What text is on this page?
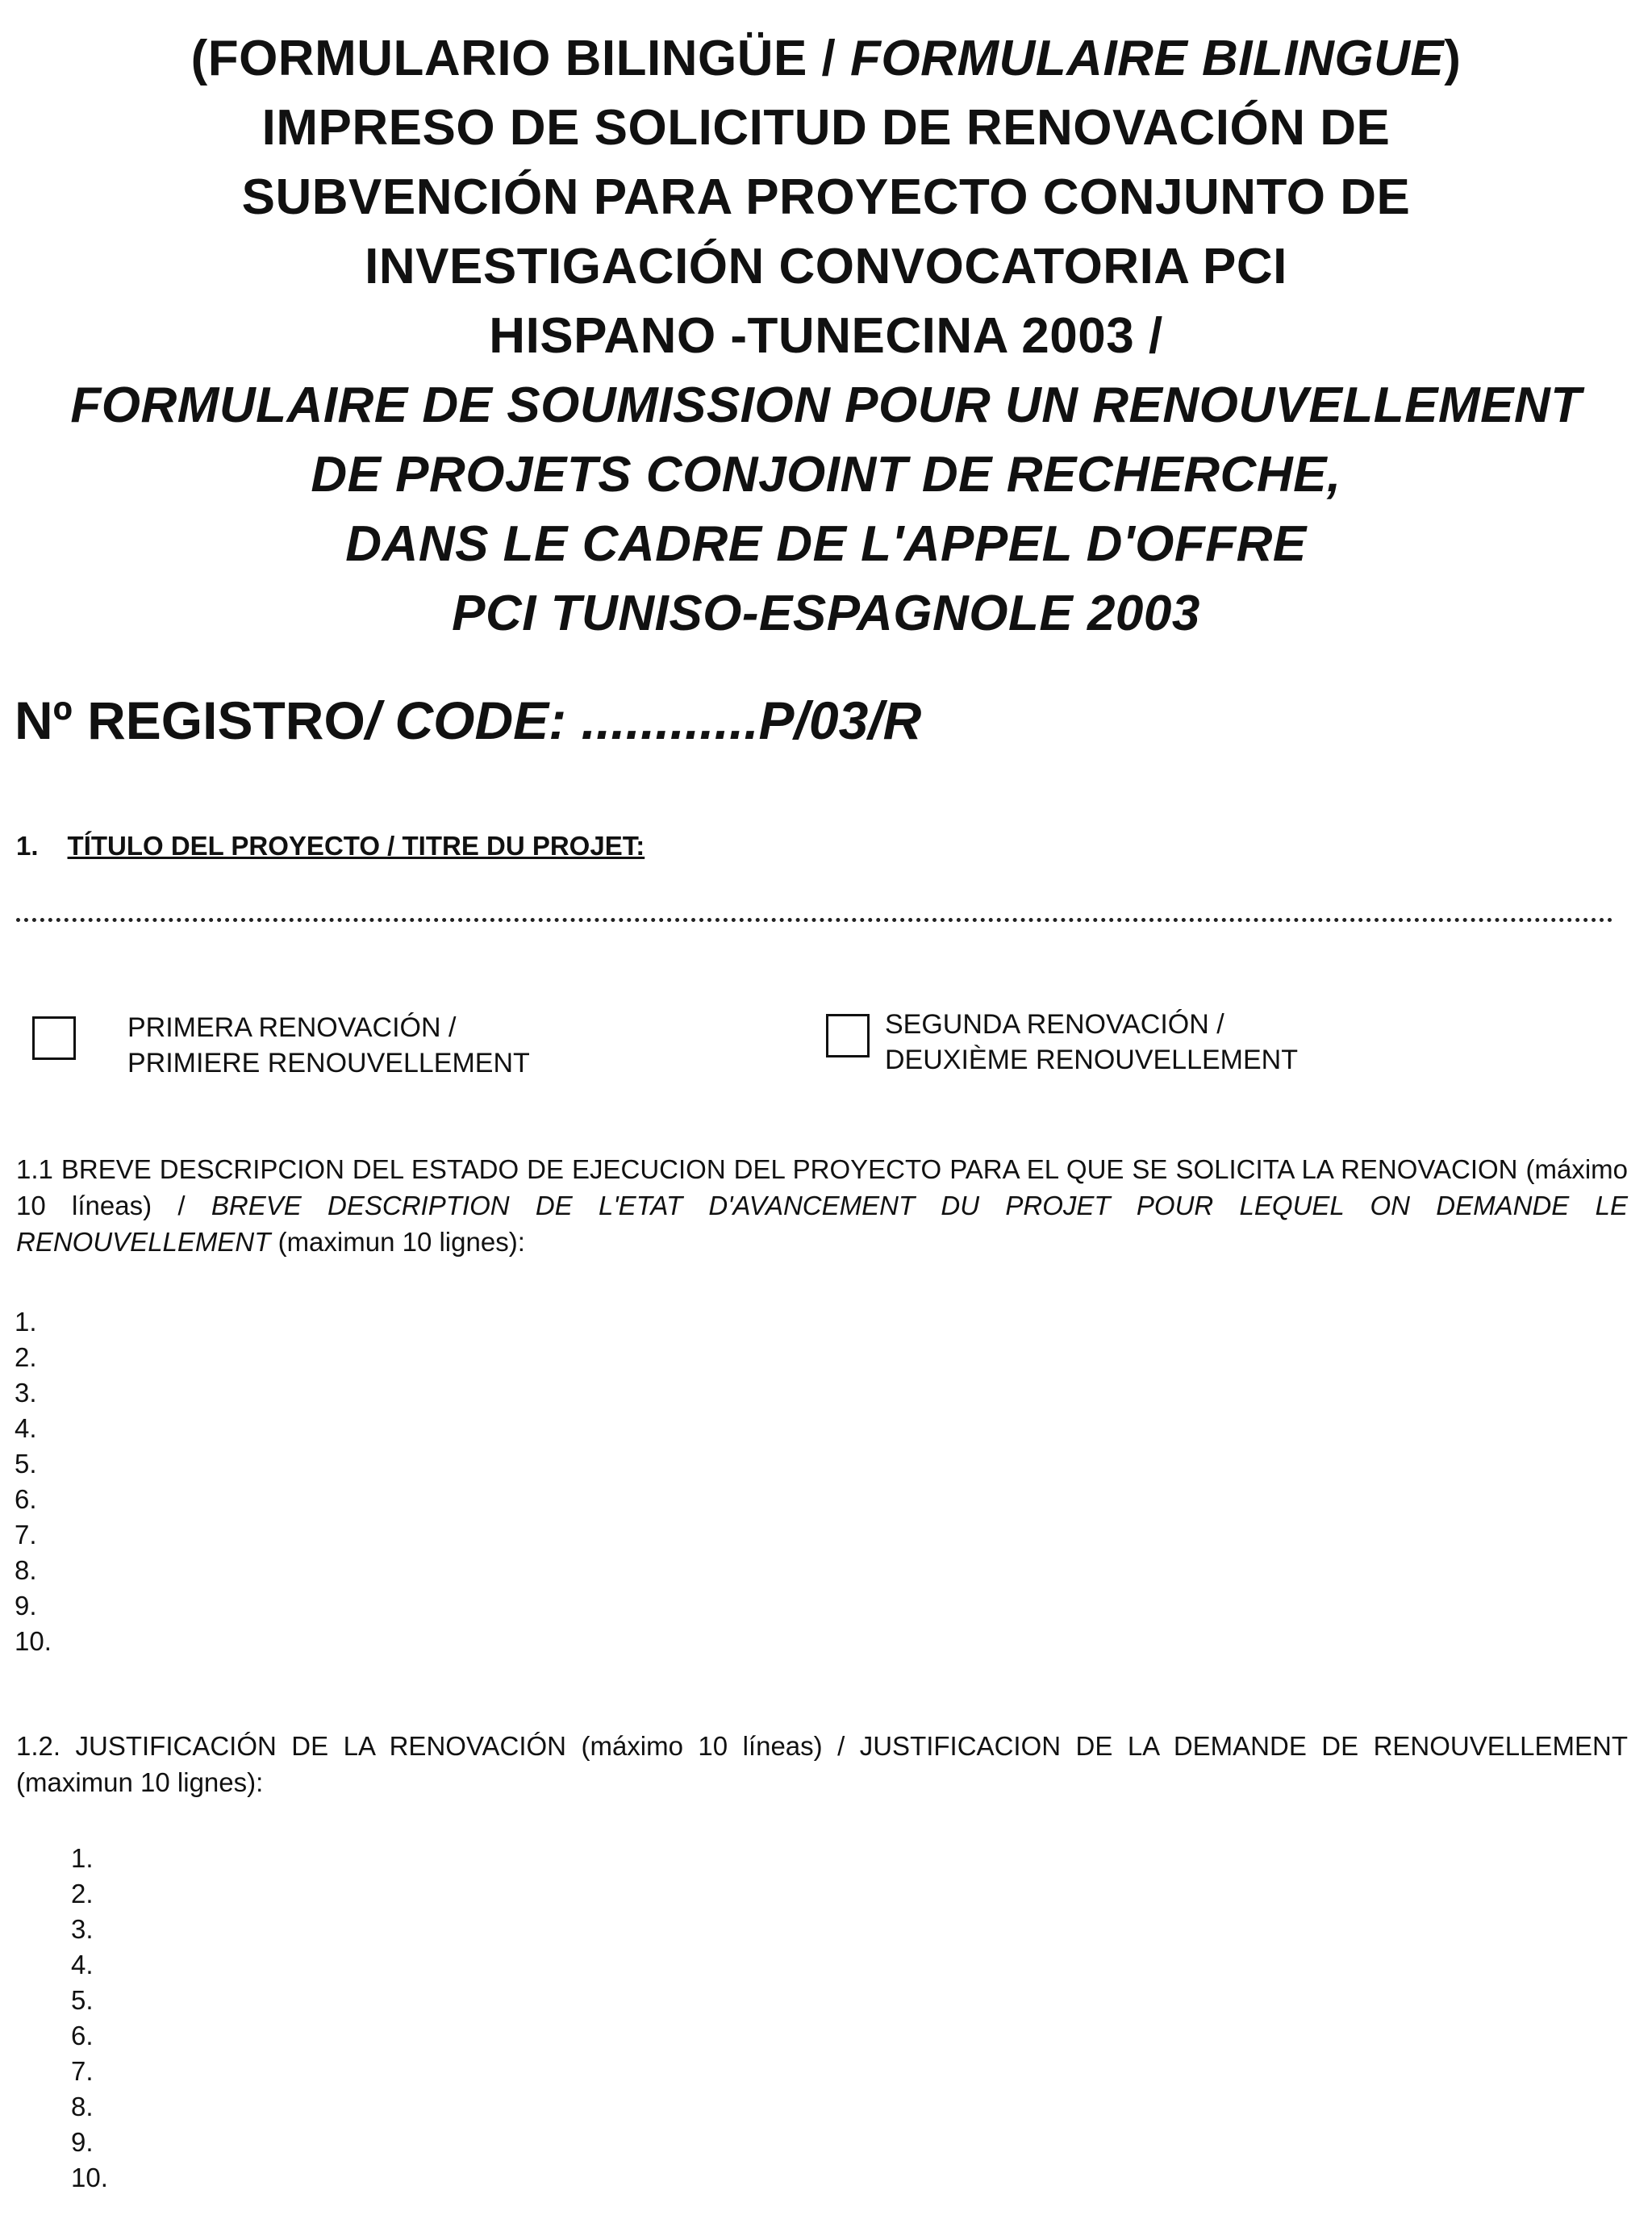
(FORMULARIO BILINGÜE / FORMULAIRE BILINGUE)
IMPRESO DE SOLICITUD DE RENOVACIÓN DE
SUBVENCIÓN PARA PROYECTO CONJUNTO DE
INVESTIGACIÓN CONVOCATORIA PCI
HISPANO -TUNECINA 2003 /
FORMULAIRE DE SOUMISSION POUR UN RENOUVELLEMENT
DE PROJETS CONJOINT DE RECHERCHE,
DANS LE CADRE DE L'APPEL D'OFFRE
PCI TUNISO-ESPAGNOLE 2003
Nº REGISTRO/ CODE: ............P/03/R
1. TÍTULO DEL PROYECTO / TITRE DU PROJET:
PRIMERA RENOVACIÓN /
PRIMIERE RENOUVELLEMENT
SEGUNDA RENOVACIÓN /
DEUXIÈME RENOUVELLEMENT
1.1 BREVE DESCRIPCION DEL ESTADO DE EJECUCION DEL PROYECTO PARA EL QUE SE SOLICITA LA RENOVACION (máximo 10 líneas) / BREVE DESCRIPTION DE L'ETAT D'AVANCEMENT DU PROJET POUR LEQUEL ON DEMANDE LE RENOUVELLEMENT (maximun 10 lignes):
1.
2.
3.
4.
5.
6.
7.
8.
9.
10.
1.2. JUSTIFICACIÓN DE LA RENOVACIÓN (máximo 10 líneas) / JUSTIFICACION DE LA DEMANDE DE RENOUVELLEMENT (maximun 10 lignes):
1.
2.
3.
4.
5.
6.
7.
8.
9.
10.
